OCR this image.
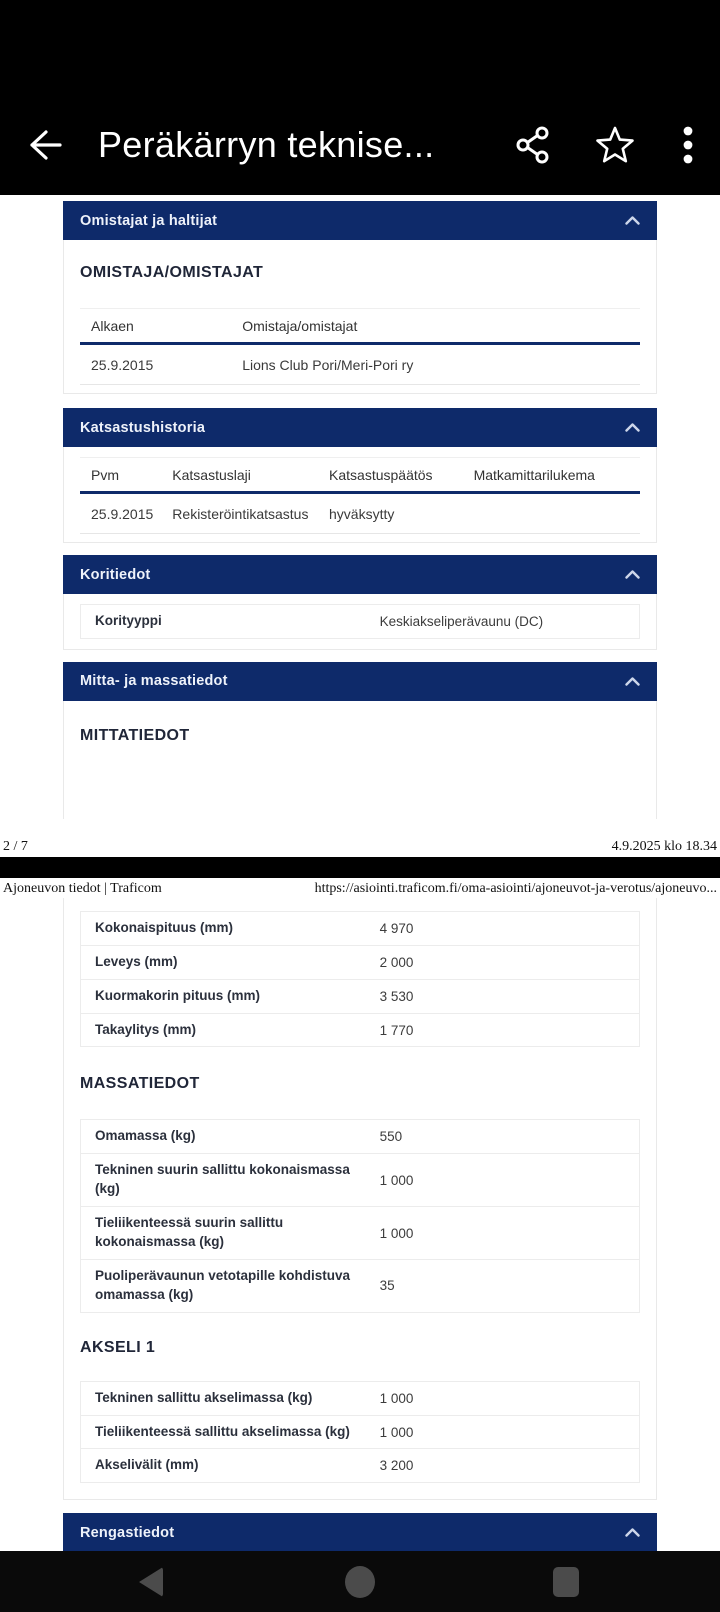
Peräkärryn teknise...
Omistajat ja haltijat
OMISTAJA/OMISTAJAT
Alkaen	Omistaja/omistajat
25.9.2015	Lions Club Pori/Meri-Pori ry
Katsastushistoria
Pvm	Katsastuslaji	Katsastuspäätös	Matkamittarilukema
25.9.2015	Rekisteröintikatsastus	hyväksytty	
Koritiedot
Korityyppi	Keskiakseliperävaunu (DC)
Mitta- ja massatiedot
MITTATIEDOT
2 / 7	4.9.2025 klo 18.34
Ajoneuvon tiedot | Traficom	https://asiointi.traficom.fi/oma-asiointi/ajoneuvot-ja-verotus/ajoneuvo...
Kokonaispituus (mm)	4 970
Leveys (mm)	2 000
Kuormakorin pituus (mm)	3 530
Takaylitys (mm)	1 770
MASSATIEDOT
Omamassa (kg)	550
Tekninen suurin sallittu kokonaismassa (kg)	1 000
Tieliikenteessä suurin sallittu kokonaismassa (kg)	1 000
Puoliperävaunun vetotapille kohdistuva omamassa (kg)	35
AKSELI 1
Tekninen sallittu akselimassa (kg)	1 000
Tieliikenteessä sallittu akselimassa (kg)	1 000
Akselivälit (mm)	3 200
Rengastiedot
